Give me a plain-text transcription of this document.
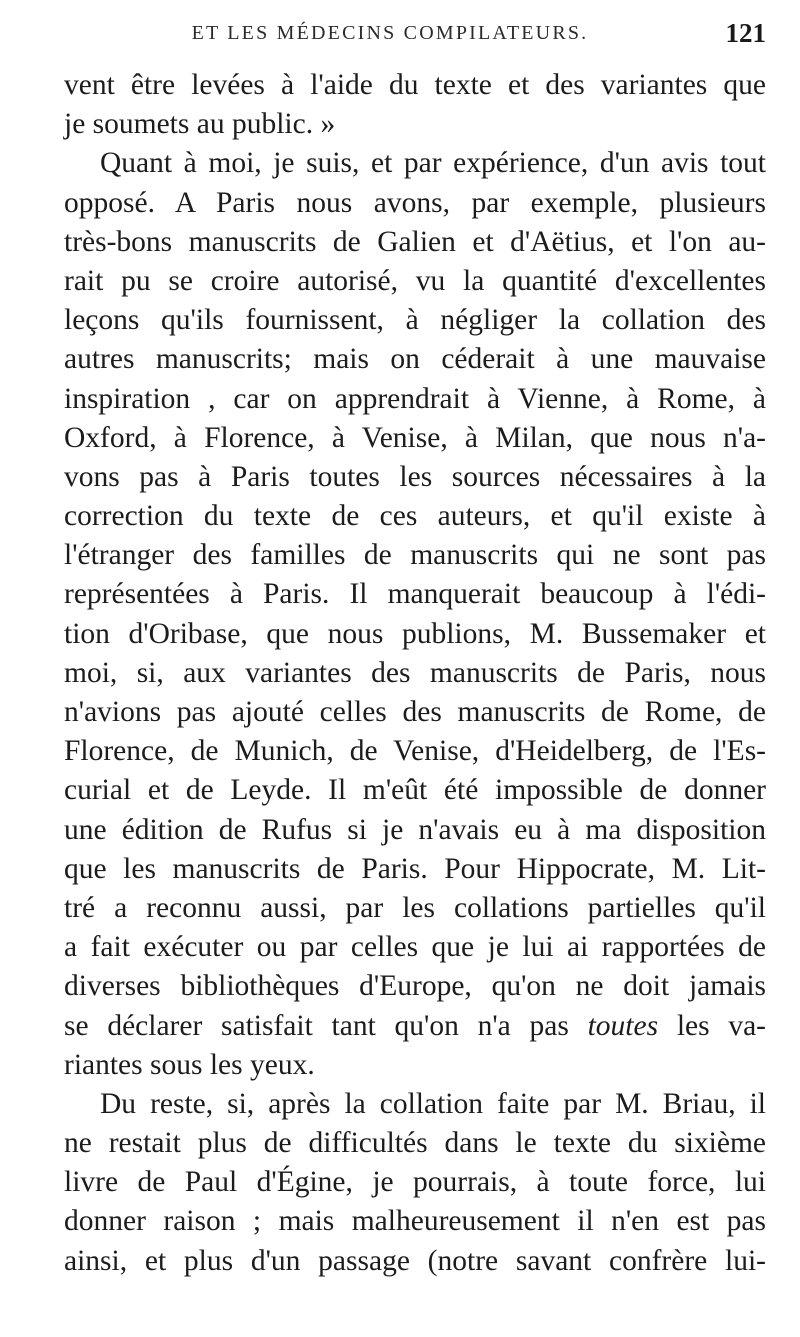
ET LES MÉDECINS COMPILATEURS.	121
vent être levées à l'aide du texte et des variantes que
je soumets au public. »
Quant à moi, je suis, et par expérience, d'un avis tout
opposé. A Paris nous avons, par exemple, plusieurs
très-bons manuscrits de Galien et d'Aëtius, et l'on au-
rait pu se croire autorisé, vu la quantité d'excellentes
leçons qu'ils fournissent, à négliger la collation des
autres manuscrits; mais on céderait à une mauvaise
inspiration , car on apprendrait à Vienne, à Rome, à
Oxford, à Florence, à Venise, à Milan, que nous n'a-
vons pas à Paris toutes les sources nécessaires à la
correction du texte de ces auteurs, et qu'il existe à
l'étranger des familles de manuscrits qui ne sont pas
représentées à Paris. Il manquerait beaucoup à l'édi-
tion d'Oribase, que nous publions, M. Bussemaker et
moi, si, aux variantes des manuscrits de Paris, nous
n'avions pas ajouté celles des manuscrits de Rome, de
Florence, de Munich, de Venise, d'Heidelberg, de l'Es-
curial et de Leyde. Il m'eût été impossible de donner
une édition de Rufus si je n'avais eu à ma disposition
que les manuscrits de Paris. Pour Hippocrate, M. Lit-
tré a reconnu aussi, par les collations partielles qu'il
a fait exécuter ou par celles que je lui ai rapportées de
diverses bibliothèques d'Europe, qu'on ne doit jamais
se déclarer satisfait tant qu'on n'a pas toutes les va-
riantes sous les yeux.
Du reste, si, après la collation faite par M. Briau, il
ne restait plus de difficultés dans le texte du sixième
livre de Paul d'Égine, je pourrais, à toute force, lui
donner raison ; mais malheureusement il n'en est pas
ainsi, et plus d'un passage (notre savant confrère lui-
